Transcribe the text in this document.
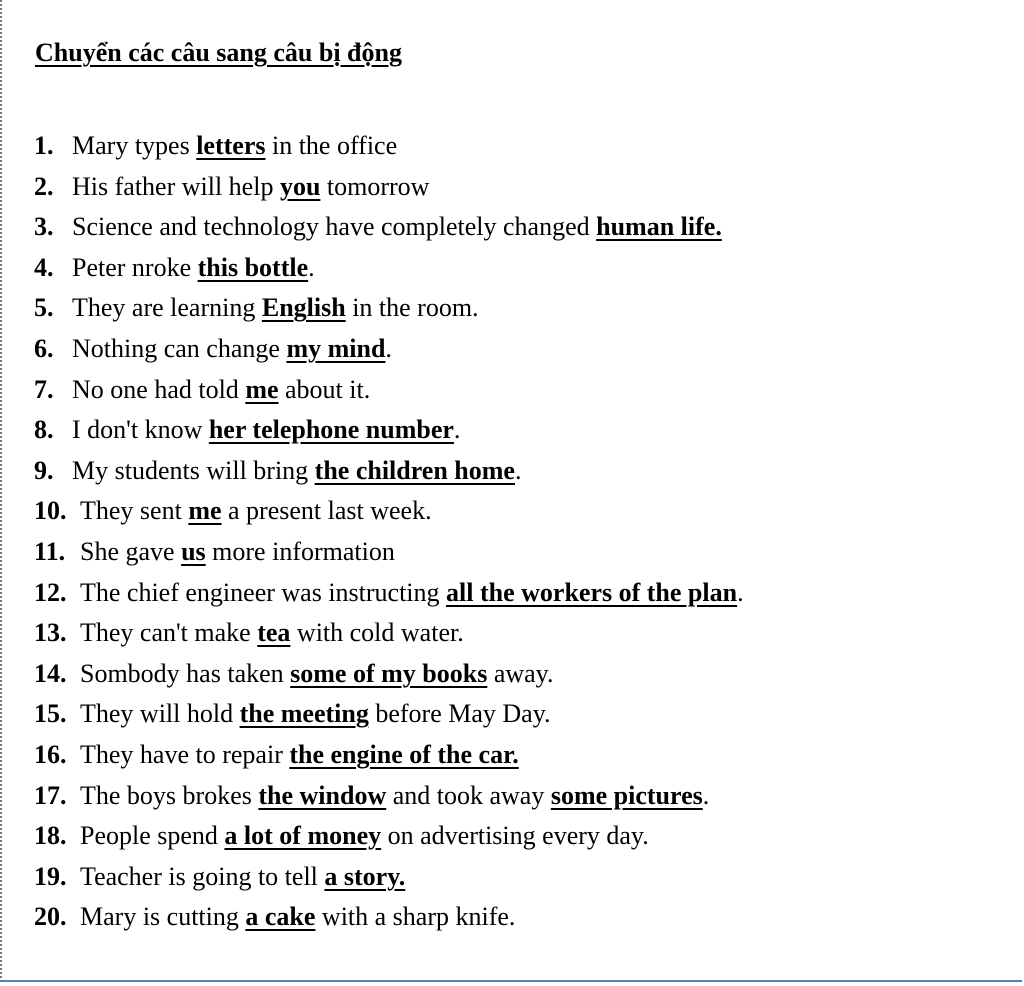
Chuyển các câu sang câu bị động
1. Mary types letters in the office
2. His father will help you tomorrow
3. Science and technology have completely changed human life.
4. Peter nroke this bottle.
5. They are learning English in the room.
6. Nothing can change my mind.
7. No one had told me about it.
8. I don't know her telephone number.
9. My students will bring the children home.
10. They sent me a present last week.
11. She gave us more information
12. The chief engineer was instructing all the workers of the plan.
13. They can't make tea with cold water.
14. Sombody has taken some of my books away.
15. They will hold the meeting before May Day.
16. They have to repair the engine of the car.
17. The boys brokes the window and took away some pictures.
18. People spend a lot of money on advertising every day.
19. Teacher is going to tell a story.
20. Mary is cutting a cake with a sharp knife.
